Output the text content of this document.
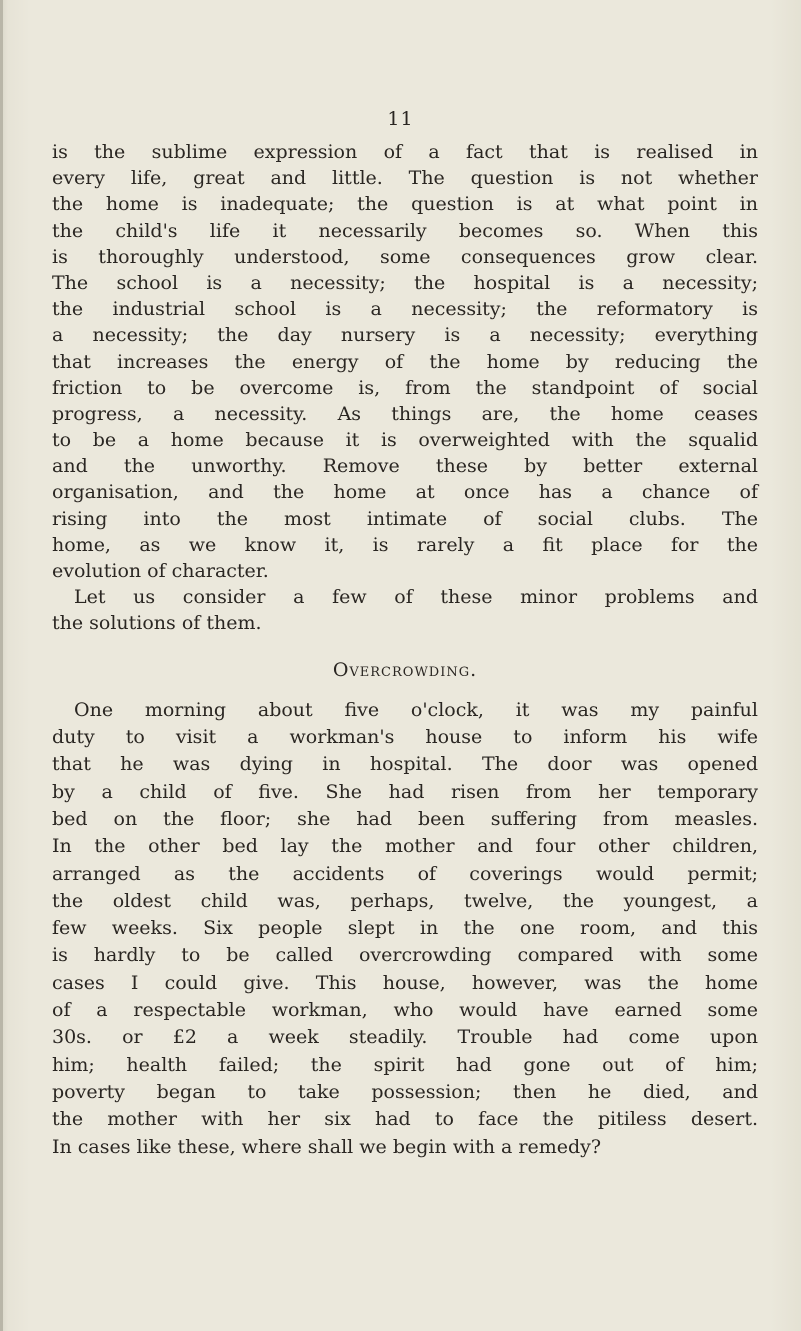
11
is the sublime expression of a fact that is realised in
every life, great and little. The question is not whether
the home is inadequate; the question is at what point in
the child's life it necessarily becomes so. When this
is thoroughly understood, some consequences grow clear.
The school is a necessity; the hospital is a necessity;
the industrial school is a necessity; the reformatory is
a necessity; the day nursery is a necessity; everything
that increases the energy of the home by reducing the
friction to be overcome is, from the standpoint of social
progress, a necessity. As things are, the home ceases
to be a home because it is overweighted with the squalid
and the unworthy. Remove these by better external
organisation, and the home at once has a chance of
rising into the most intimate of social clubs. The
home, as we know it, is rarely a fit place for the
evolution of character.
Let us consider a few of these minor problems and
the solutions of them.
Overcrowding.
One morning about five o'clock, it was my painful
duty to visit a workman's house to inform his wife
that he was dying in hospital. The door was opened
by a child of five. She had risen from her temporary
bed on the floor; she had been suffering from measles.
In the other bed lay the mother and four other children,
arranged as the accidents of coverings would permit;
the oldest child was, perhaps, twelve, the youngest, a
few weeks. Six people slept in the one room, and this
is hardly to be called overcrowding compared with some
cases I could give. This house, however, was the home
of a respectable workman, who would have earned some
30s. or £2 a week steadily. Trouble had come upon
him; health failed; the spirit had gone out of him;
poverty began to take possession; then he died, and
the mother with her six had to face the pitiless desert.
In cases like these, where shall we begin with a remedy?
